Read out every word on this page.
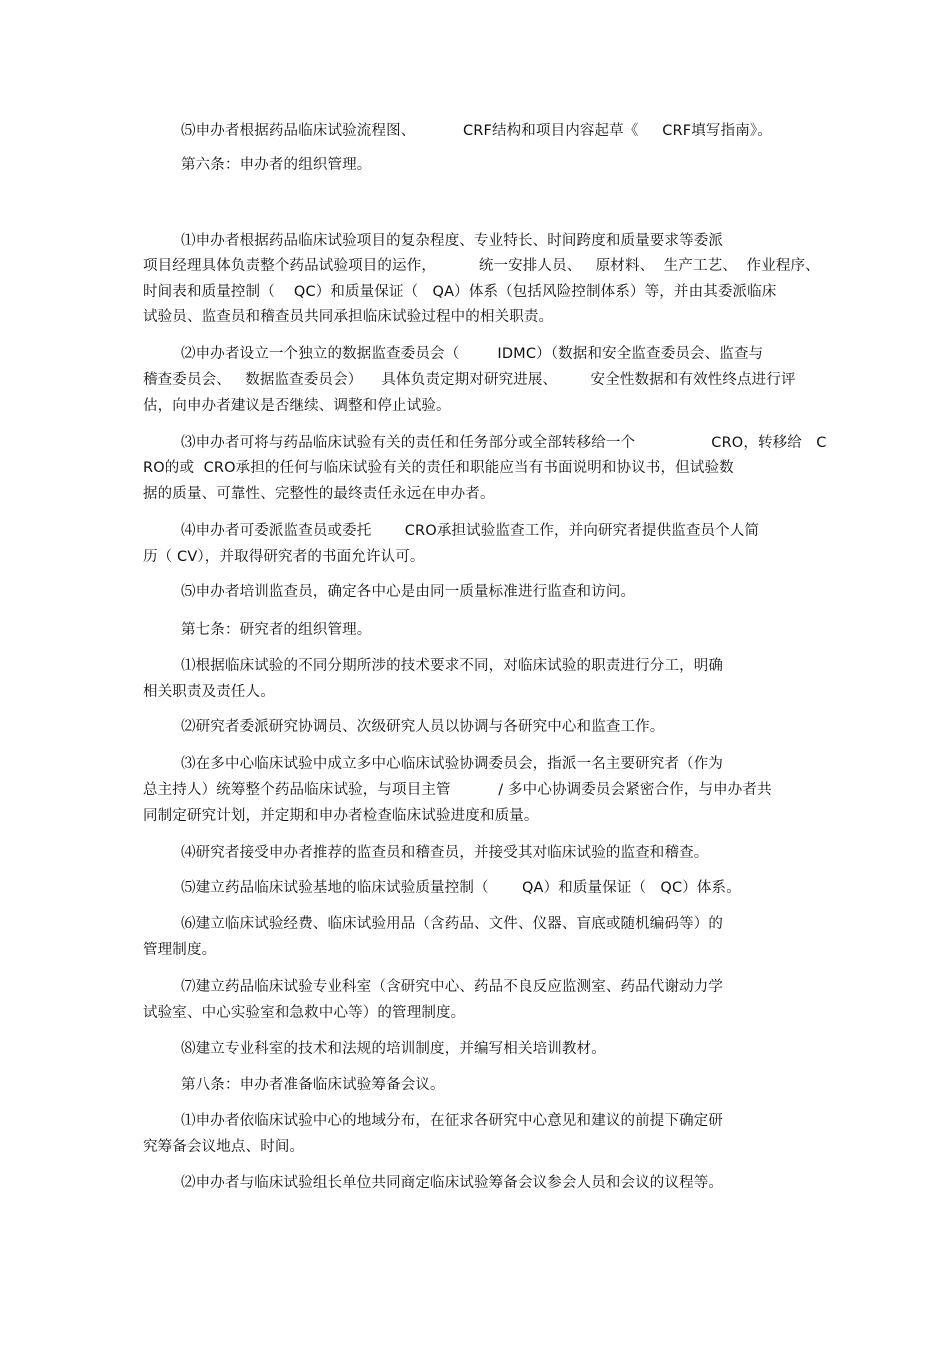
⑸申办者根据药品临床试验流程图、          CRF结构和项目内容起草《     CRF填写指南》。
第六条：申办者的组织管理。
⑴申办者根据药品临床试验项目的复杂程度、专业特长、时间跨度和质量要求等委派
项目经理具体负责整个药品试验项目的运作，         统一安排人员、   原材料、  生产工艺、  作业程序、
时间表和质量控制（    QC）和质量保证（   QA）体系（包括风险控制体系）等，并由其委派临床
试验员、监查员和稽查员共同承担临床试验过程中的相关职责。
⑵申办者设立一个独立的数据监查委员会（        IDMC）（数据和安全监查委员会、监查与
稽查委员会、   数据监查委员会）    具体负责定期对研究进展、       安全性数据和有效性终点进行评
估，向申办者建议是否继续、调整和停止试验。
⑶申办者可将与药品临床试验有关的责任和任务部分或全部转移给一个                CRO，转移给   C
RO的或  CRO承担的任何与临床试验有关的责任和职能应当有书面说明和协议书，但试验数
据的质量、可靠性、完整性的最终责任永远在申办者。
⑷申办者可委派监查员或委托       CRO承担试验监查工作，并向研究者提供监查员个人简
历（ CV），并取得研究者的书面允许认可。
⑸申办者培训监查员，确定各中心是由同一质量标准进行监查和访问。
第七条：研究者的组织管理。
⑴根据临床试验的不同分期所涉的技术要求不同，对临床试验的职责进行分工，明确
相关职责及责任人。
⑵研究者委派研究协调员、次级研究人员以协调与各研究中心和监查工作。
⑶在多中心临床试验中成立多中心临床试验协调委员会，指派一名主要研究者（作为
总主持人）统筹整个药品临床试验，与项目主管          / 多中心协调委员会紧密合作，与申办者共
同制定研究计划，并定期和申办者检查临床试验进度和质量。
⑷研究者接受申办者推荐的监查员和稽查员，并接受其对临床试验的监查和稽查。
⑸建立药品临床试验基地的临床试验质量控制（       QA）和质量保证（   QC）体系。
⑹建立临床试验经费、临床试验用品（含药品、文件、仪器、盲底或随机编码等）的
管理制度。
⑺建立药品临床试验专业科室（含研究中心、药品不良反应监测室、药品代谢动力学
试验室、中心实验室和急救中心等）的管理制度。
⑻建立专业科室的技术和法规的培训制度，并编写相关培训教材。
第八条：申办者准备临床试验筹备会议。
⑴申办者依临床试验中心的地域分布，在征求各研究中心意见和建议的前提下确定研
究筹备会议地点、时间。
⑵申办者与临床试验组长单位共同商定临床试验筹备会议参会人员和会议的议程等。
